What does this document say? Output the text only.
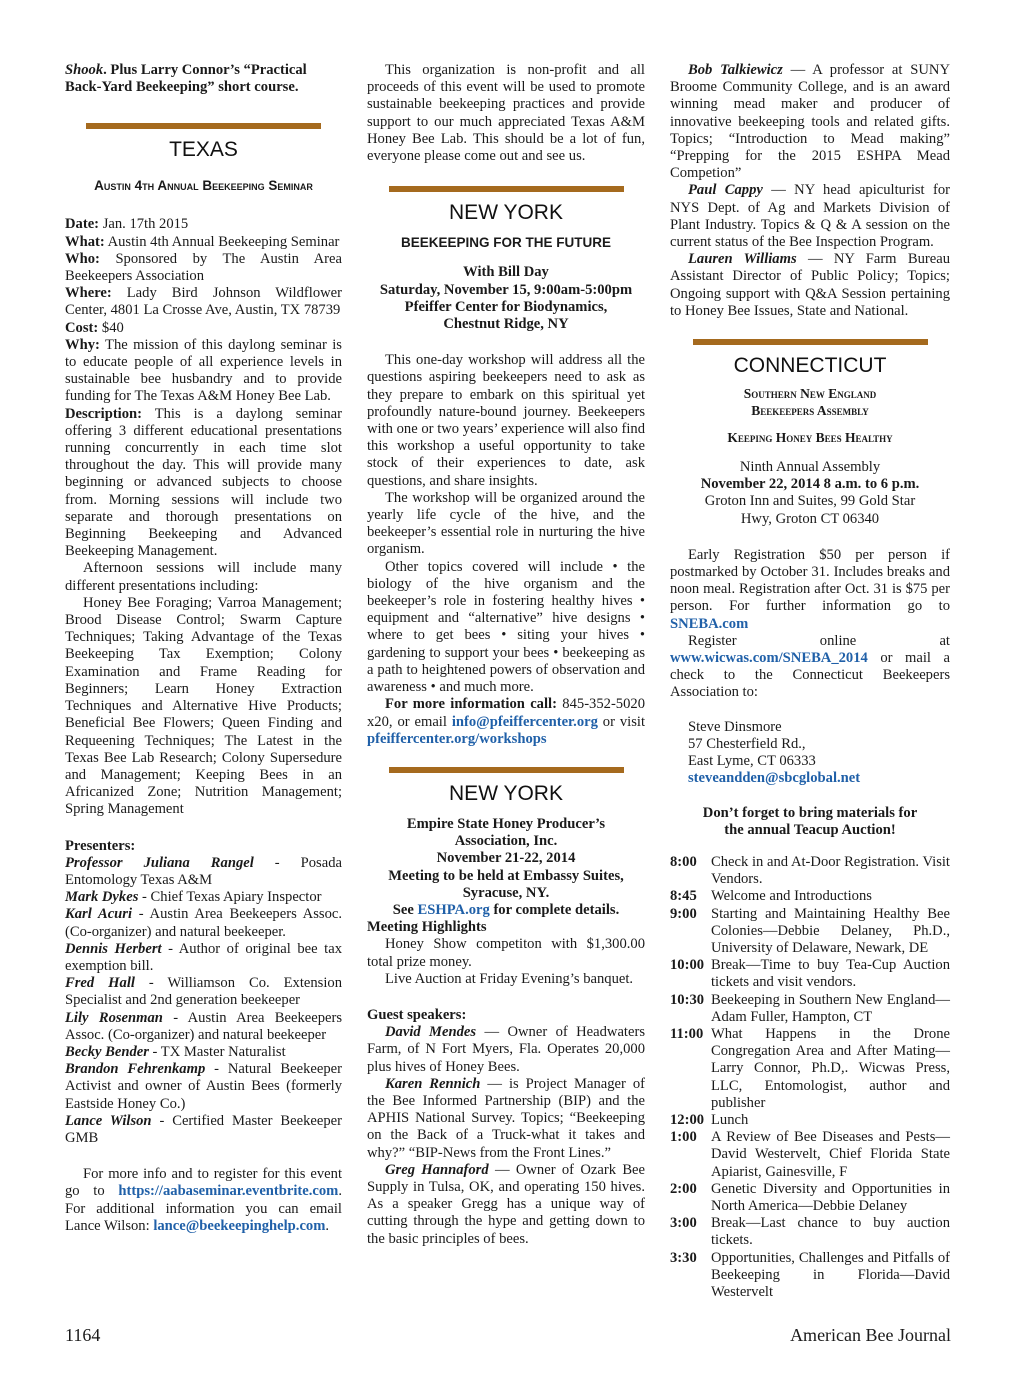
Shook. Plus Larry Connor’s “Practical Back-Yard Beekeeping” short course.

TEXAS
Austin 4th Annual Beekeeping Seminar

Date: Jan. 17th 2015

What: Austin 4th Annual Beekeeping Seminar

Who: Sponsored by The Austin Area Beekeepers Association

Where: Lady Bird Johnson Wildflower Center, 4801 La Crosse Ave, Austin, TX 78739

Cost: $40

Why: The mission of this daylong seminar is to educate people of all experience levels in sustainable bee husbandry and to provide funding for The Texas A&M Honey Bee Lab.

Description: This is a daylong seminar offering 3 different educational presentations running concurrently in each time slot throughout the day. This will provide many beginning or advanced subjects to choose from. Morning sessions will include two separate and thorough presentations on Beginning Beekeeping and Advanced Beekeeping Management.

Afternoon sessions will include many different presentations including:

Honey Bee Foraging; Varroa Management; Brood Disease Control; Swarm Capture Techniques; Taking Advantage of the Texas Beekeeping Tax Exemption; Colony Examination and Frame Reading for Beginners; Learn Honey Extraction Techniques and Alternative Hive Products; Beneficial Bee Flowers; Queen Finding and Requeening Techniques; The Latest in the Texas Bee Lab Research; Colony Supersedure and Management; Keeping Bees in an Africanized Zone; Nutrition Management; Spring Management

Presenters:

Professor Juliana Rangel - Posada Entomology Texas A&M

Mark Dykes - Chief Texas Apiary Inspector

Karl Acuri - Austin Area Beekeepers Assoc. (Co-organizer) and natural beekeeper.

Dennis Herbert - Author of original bee tax exemption bill.

Fred Hall - Williamson Co. Extension Specialist and 2nd generation beekeeper

Lily Rosenman - Austin Area Beekeepers Assoc. (Co-organizer) and natural beekeeper

Becky Bender - TX Master Naturalist

Brandon Fehrenkamp - Natural Beekeeper Activist and owner of Austin Bees (formerly Eastside Honey Co.)

Lance Wilson - Certified Master Beekeeper GMB

For more info and to register for this event go to https://aabaseminar.eventbrite.com. For additional information you can email Lance Wilson: lance@beekeepinghelp.com.

This organization is non-profit and all proceeds of this event will be used to promote sustainable beekeeping practices and provide support to our much appreciated Texas A&M Honey Bee Lab. This should be a lot of fun, everyone please come out and see us.

NEW YORK
BEEKEEPING FOR THE FUTURE

With Bill Day

Saturday, November 15, 9:00am-5:00pm

Pfeiffer Center for Biodynamics,

Chestnut Ridge, NY

This one-day workshop will address all the questions aspiring beekeepers need to ask as they prepare to embark on this spiritual yet profoundly nature-bound journey. Beekeepers with one or two years’ experience will also find this workshop a useful opportunity to take stock of their experiences to date, ask questions, and share insights.

The workshop will be organized around the yearly life cycle of the hive, and the beekeeper’s essential role in nurturing the hive organism.

Other topics covered will include • the biology of the hive organism and the beekeeper’s role in fostering healthy hives • equipment and “alternative” hive designs • where to get bees • siting your hives • gardening to support your bees • beekeeping as a path to heightened powers of observation and awareness • and much more.

For more information call: 845-352-5020 x20, or email info@pfeiffercenter.org or visit pfeiffercenter.org/workshops

NEW YORK

Empire State Honey Producer’s

Association, Inc.

November 21-22, 2014

Meeting to be held at Embassy Suites,

Syracuse, NY.

See ESHPA.org for complete details.

Meeting Highlights

Honey Show competiton with $1,300.00 total prize money.

Live Auction at Friday Evening’s banquet.

Guest speakers:

David Mendes — Owner of Headwaters Farm, of N Fort Myers, Fla. Operates 20,000 plus hives of Honey Bees.

Karen Rennich — is Project Manager of the Bee Informed Partnership (BIP) and the APHIS National Survey. Topics; “Beekeeping on the Back of a Truck-what it takes and why?” “BIP-News from the Front Lines.”

Greg Hannaford — Owner of Ozark Bee Supply in Tulsa, OK, and operating 150 hives. As a speaker Gregg has a unique way of cutting through the hype and getting down to the basic principles of bees.

Bob Talkiewicz — A professor at SUNY Broome Community College, and is an award winning mead maker and producer of innovative beekeeping tools and related gifts. Topics; “Introduction to Mead making” “Prepping for the 2015 ESHPA Mead Competion”

Paul Cappy — NY head apiculturist for NYS Dept. of Ag and Markets Division of Plant Industry. Topics & Q & A session on the current status of the Bee Inspection Program.

Lauren Williams — NY Farm Bureau Assistant Director of Public Policy; Topics; Ongoing support with Q&A Session pertaining to Honey Bee Issues, State and National.

CONNECTICUT
Southern New England
Beekeepers Assembly
Keeping Honey Bees Healthy

Ninth Annual Assembly

November 22, 2014 8 a.m. to 6 p.m.

Groton Inn and Suites, 99 Gold Star

Hwy, Groton CT 06340

Early Registration $50 per person if postmarked by October 31. Includes breaks and noon meal. Registration after Oct. 31 is $75 per person. For further information go to SNEBA.com

Register online at www.wicwas.com/SNEBA_2014 or mail a check to the Connecticut Beekeepers Association to:

Steve Dinsmore

57 Chesterfield Rd.,

East Lyme, CT 06333

steveandden@sbcglobal.net

Don’t forget to bring materials for

the annual Teacup Auction!

8:00 Check in and At-Door Registration. Visit Vendors.
8:45 Welcome and Introductions
9:00 Starting and Maintaining Healthy Bee Colonies—Debbie Delaney, Ph.D., University of Delaware, Newark, DE
10:00 Break—Time to buy Tea-Cup Auction tickets and visit vendors.
10:30 Beekeeping in Southern New England—Adam Fuller, Hampton, CT
11:00 What Happens in the Drone Congregation Area and After Mating—Larry Connor, Ph.D,. Wicwas Press, LLC, Entomologist, author and publisher
12:00 Lunch
1:00 A Review of Bee Diseases and Pests—David Westervelt, Chief Florida State Apiarist, Gainesville, F
2:00 Genetic Diversity and Opportunities in North America—Debbie Delaney
3:00 Break—Last chance to buy auction tickets.
3:30 Opportunities, Challenges and Pitfalls of Beekeeping in Florida—David Westervelt
1164	American Bee Journal
